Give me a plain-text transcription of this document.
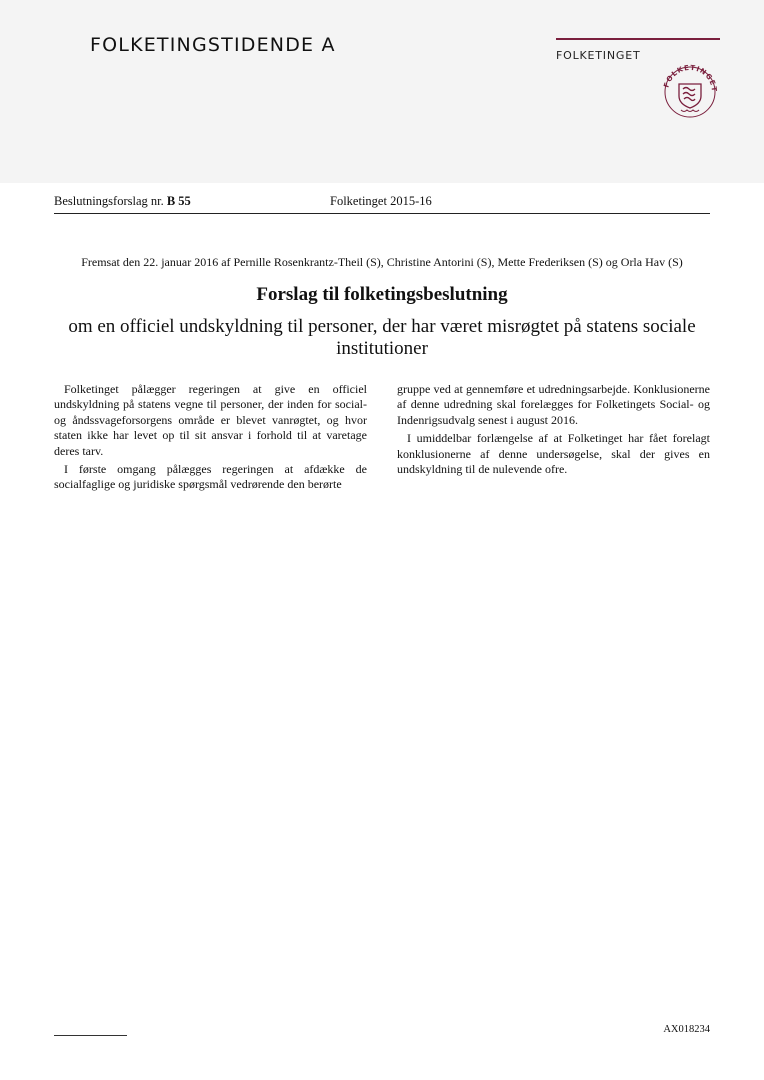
FOLKETINGSTIDENDE A	FOLKETINGET
FOLKETINGET
Beslutningsforslag nr. B 55	Folketinget 2015-16
Fremsat den 22. januar 2016 af Pernille Rosenkrantz-Theil (S), Christine Antorini (S), Mette Frederiksen (S) og Orla Hav (S)
Forslag til folketingsbeslutning
om en officiel undskyldning til personer, der har været misrøgtet på statens sociale institutioner

Folketinget pålægger regeringen at give en officiel undskyldning på statens vegne til personer, der inden for social- og åndssvageforsorgens område er blevet vanrøgtet, og hvor staten ikke har levet op til sit ansvar i forhold til at varetage deres tarv.

I første omgang pålægges regeringen at afdække de socialfaglige og juridiske spørgsmål vedrørende den berørte

gruppe ved at gennemføre et udredningsarbejde. Konklusionerne af denne udredning skal forelægges for Folketingets Social- og Indenrigsudvalg senest i august 2016.

I umiddelbar forlængelse af at Folketinget har fået forelagt konklusionerne af denne undersøgelse, skal der gives en undskyldning til de nulevende ofre.

AX018234
